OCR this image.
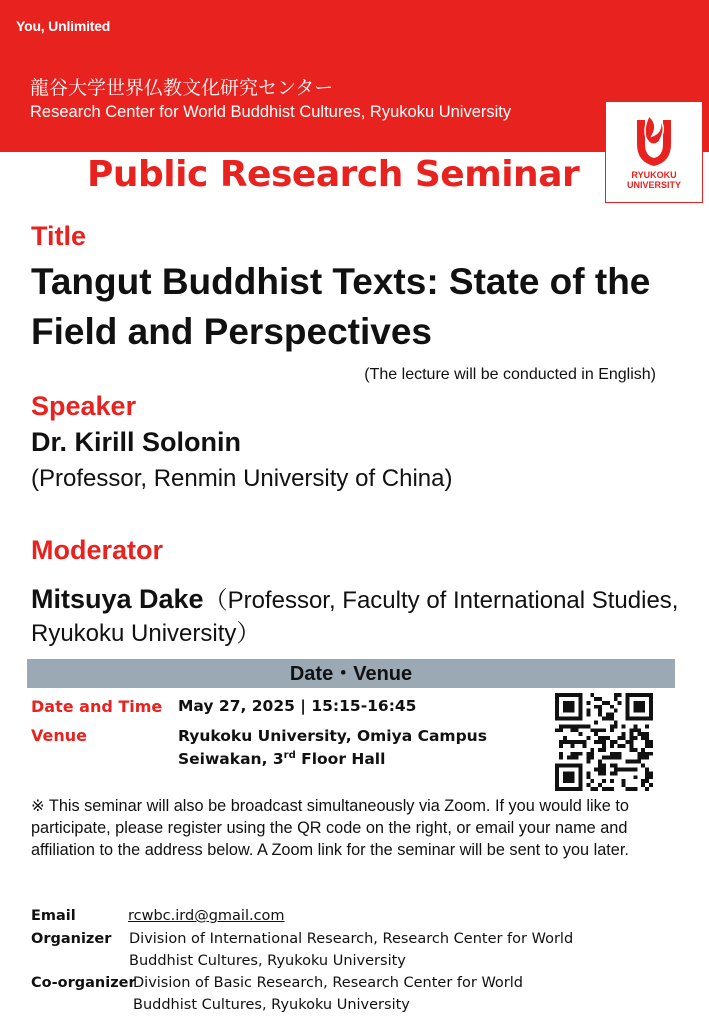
You, Unlimited
龍谷大学世界仏教文化研究センター
Research Center for World Buddhist Cultures, Ryukoku University
RYUKOKU
UNIVERSITY
Public Research Seminar
Title
Tangut Buddhist Texts: State of the Field and Perspectives
(The lecture will be conducted in English)
Speaker
Dr. Kirill Solonin
(Professor, Renmin University of China)
Moderator
Mitsuya Dake（Professor, Faculty of International Studies, Ryukoku University）
Date・Venue
Date and Time May 27, 2025 | 15:15-16:45
Venue	Ryukoku University, Omiya Campus
Seiwakan, 3rd Floor Hall
※ This seminar will also be broadcast simultaneously via Zoom. If you would like to participate, please register using the QR code on the right, or email your name and affiliation to the address below. A Zoom link for the seminar will be sent to you later.
Email	rcwbc.ird@gmail.com
Organizer Division of International Research, Research Center for World
Buddhist Cultures, Ryukoku University
Co-organizer
Division of Basic Research, Research Center for World
Buddhist Cultures, Ryukoku University
